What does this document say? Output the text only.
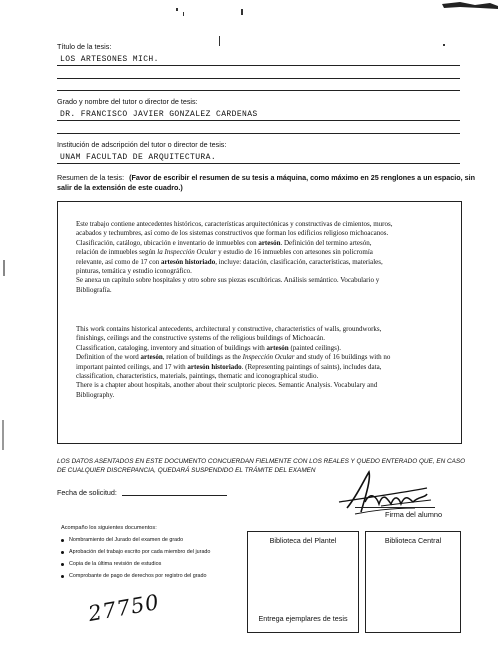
Título de la tesis:
LOS ARTESONES MICH.
Grado y nombre del tutor o director de tesis:
DR. FRANCISCO JAVIER GONZALEZ CARDENAS
Institución de adscripción del tutor o director de tesis:
UNAM FACULTAD DE ARQUITECTURA.
Resumen de la tesis: (Favor de escribir el resumen de su tesis a máquina, como máximo en 25 renglones a un espacio, sin
salir de la extensión de este cuadro.)
Este trabajo contiene antecedentes históricos, características arquitectónicas y constructivas de cimientos, muros,
acabados y techumbres, así como de los sistemas constructivos que forman los edificios religioso michoacanos.
Clasificación, catálogo, ubicación e inventario de inmuebles con artesón. Definición del termino artesón,
relación de inmuebles según la Inspección Ocular y estudio de 16 inmuebles con artesones sin policromía
relevante, así como de 17 con artesón historiado, incluye: datación, clasificación, características, materiales,
pinturas, temática y estudio iconográfico.
Se anexa un capítulo sobre hospitales y otro sobre sus piezas escultóricas. Análisis semántico. Vocabulario y
Bibliografía.
This work contains historical antecedents, architectural y constructive, characteristics of walls, groundworks,
finishings, ceilings and the constructive systems of the religious buildings of Michoacán.
Classification, cataloging, inventory and situation of buildings with artesón (painted ceilings).
Definition of the word artesón, relation of buildings as the Inspección Ocular and study of 16 buildings with no
important painted ceilings, and 17 with artesón historiado. (Representing paintings of saints), includes data,
classification, characteristics, materials, paintings, thematic and iconographical studio.
There is a chapter about hospitals, another about their sculptoric pieces. Semantic Analysis. Vocabulary and
Bibliography.
LOS DATOS ASENTADOS EN ESTE DOCUMENTO CONCUERDAN FIELMENTE CON LOS REALES Y QUEDO ENTERADO QUE, EN CASO
DE CUALQUIER DISCREPANCIA, QUEDARÁ SUSPENDIDO EL TRÁMITE DEL EXAMEN
Fecha de solicitud:
Firma del alumno
Acompaño los siguientes documentos:
Nombramiento del Jurado del examen de grado
Aprobación del trabajo escrito por cada miembro del jurado
Copia de la última revisión de estudios
Comprobante de pago de derechos por registro del grado
27750
Biblioteca del Plantel
Entrega ejemplares de tesis
Biblioteca Central
